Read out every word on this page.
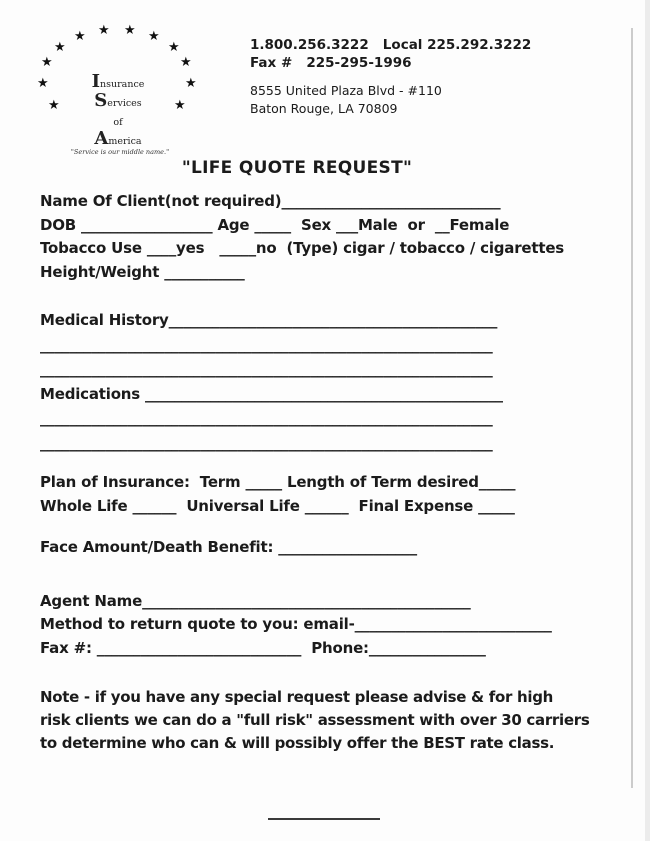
★
★
★ ★ ★ ★
★
★
★	★
★	★
Insurance
Services
of
America
"Service is our middle name."
1.800.256.3222   Local 225.292.3222
Fax #   225-295-1996
8555 United Plaza Blvd - #110
Baton Rouge, LA 70809
"LIFE QUOTE REQUEST"
Name Of Client(not required)______________________________
DOB __________________ Age _____  Sex ___Male  or  __Female
Tobacco Use ____yes   _____no  (Type) cigar / tobacco / cigarettes
Height/Weight ___________
Medical History_____________________________________________
______________________________________________________________
______________________________________________________________
Medications _________________________________________________
______________________________________________________________
______________________________________________________________
Plan of Insurance:  Term _____ Length of Term desired_____
Whole Life ______  Universal Life ______  Final Expense _____
Face Amount/Death Benefit: ___________________
Agent Name_____________________________________________
Method to return quote to you: email-___________________________
Fax #: ____________________________  Phone:________________
Note - if you have any special request please advise & for high
risk clients we can do a "full risk" assessment with over 30 carriers
to determine who can & will possibly offer the BEST rate class.
